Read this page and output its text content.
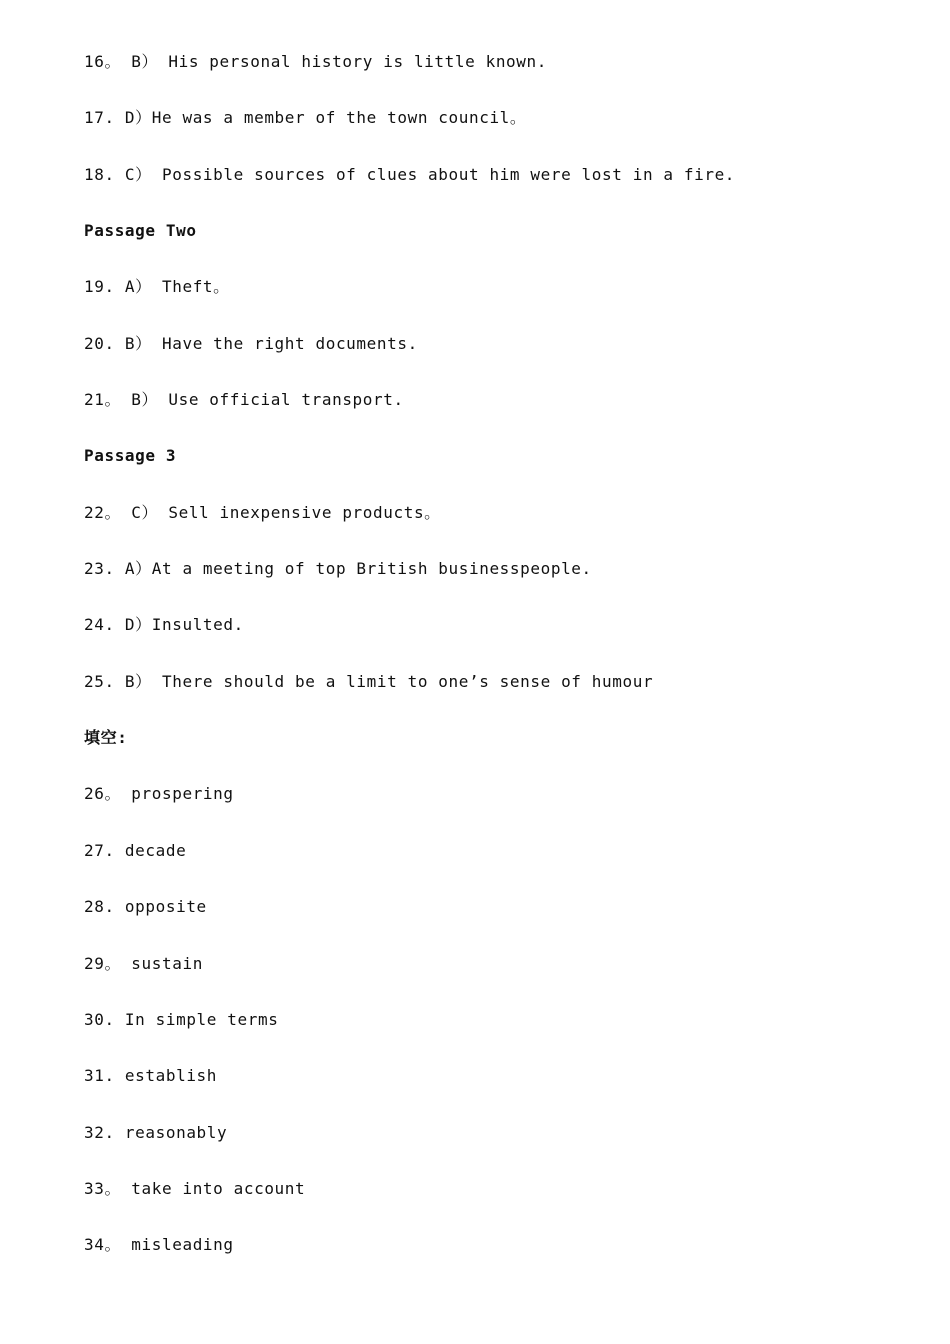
16。 B） His personal history is little known.
17. D）He was a member of the town council。
18. C） Possible sources of clues about him were lost in a fire.
Passage Two
19. A） Theft。
20. B） Have the right documents.
21。 B） Use official transport.
Passage 3
22。 C） Sell inexpensive products。
23. A）At a meeting of top British businesspeople.
24. D）Insulted.
25. B） There should be a limit to one’s sense of humour
填空:
26。 prospering
27. decade
28. opposite
29。 sustain
30. In simple terms
31. establish
32. reasonably
33。 take into account
34。 misleading
